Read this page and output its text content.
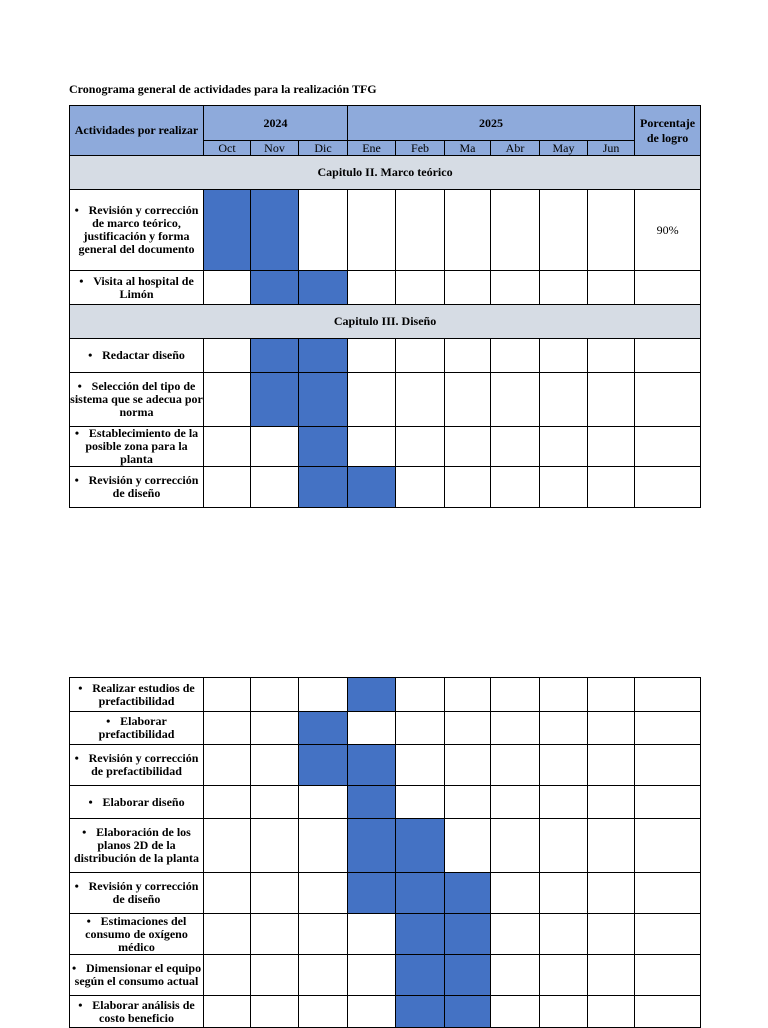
Cronograma general de actividades para la realización TFG
Actividades por realizar	2024			2025						Porcentaje de logro
	Oct	Nov	Dic	Ene	Feb	Ma	Abr	May	Jun	
Capitulo II. Marco teórico										
• Revisión y corrección de marco teórico, justificación y forma general del documento										90%
• Visita al hospital de Limón										
Capitulo III. Diseño										
• Redactar diseño										
• Selección del tipo de sistema que se adecua por norma										
• Establecimiento de la posible zona para la planta										
• Revisión y corrección de diseño										
• Realizar estudios de prefactibilidad										
• Elaborar prefactibilidad										
• Revisión y corrección de prefactibilidad										
• Elaborar diseño										
• Elaboración de los planos 2D de la distribución de la planta										
• Revisión y corrección de diseño										
• Estimaciones del consumo de oxígeno médico										
• Dimensionar el equipo según el consumo actual										
• Elaborar análisis de costo beneficio										
